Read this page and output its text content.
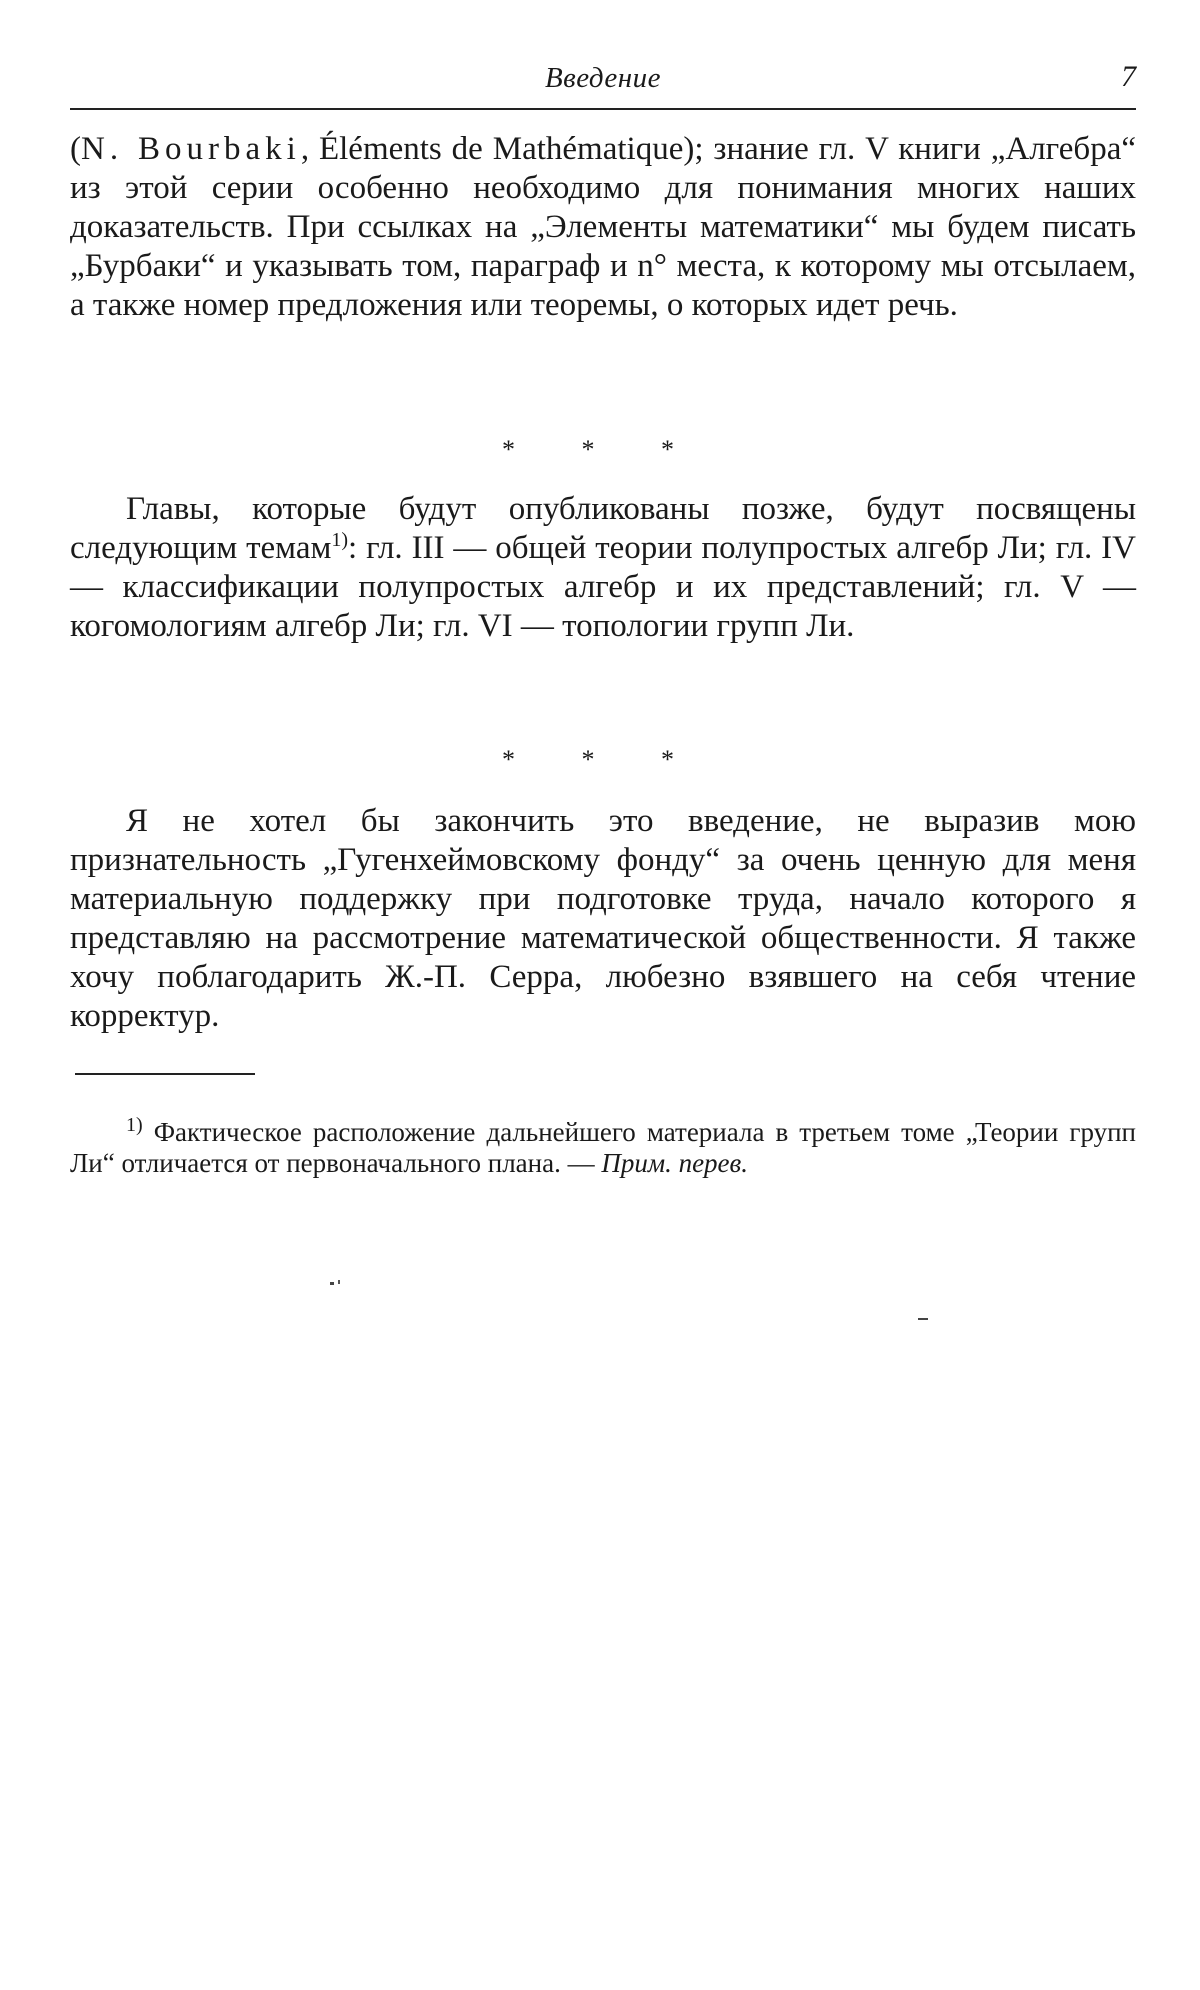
Введение	7

(N. Bourbaki, Éléments de Mathématique); знание гл. V книги „Алгебра“ из этой серии особенно необходимо для понимания многих наших доказательств. При ссылках на „Элементы математики“ мы будем писать „Бурбаки“ и указывать том, параграф и n° места, к которому мы отсылаем, а также номер предложения или теоремы, о которых идет речь.

* * *

Главы, которые будут опубликованы позже, будут посвящены следующим темам$^{1)}$: гл. III — общей теории полупростых алгебр Ли; гл. IV — классификации полупростых алгебр и их представлений; гл. V — когомологиям алгебр Ли; гл. VI — топологии групп Ли.

* * *

Я не хотел бы закончить это введение, не выразив мою признательность „Гугенхеймовскому фонду“ за очень ценную для меня материальную поддержку при подготовке труда, начало которого я представляю на рассмотрение математической общественности. Я также хочу поблагодарить Ж.-П. Серра, любезно взявшего на себя чтение корректур.

$^{1)}$ Фактическое расположение дальнейшего материала в третьем томе „Теории групп Ли“ отличается от первоначального плана. — Прим. перев.
